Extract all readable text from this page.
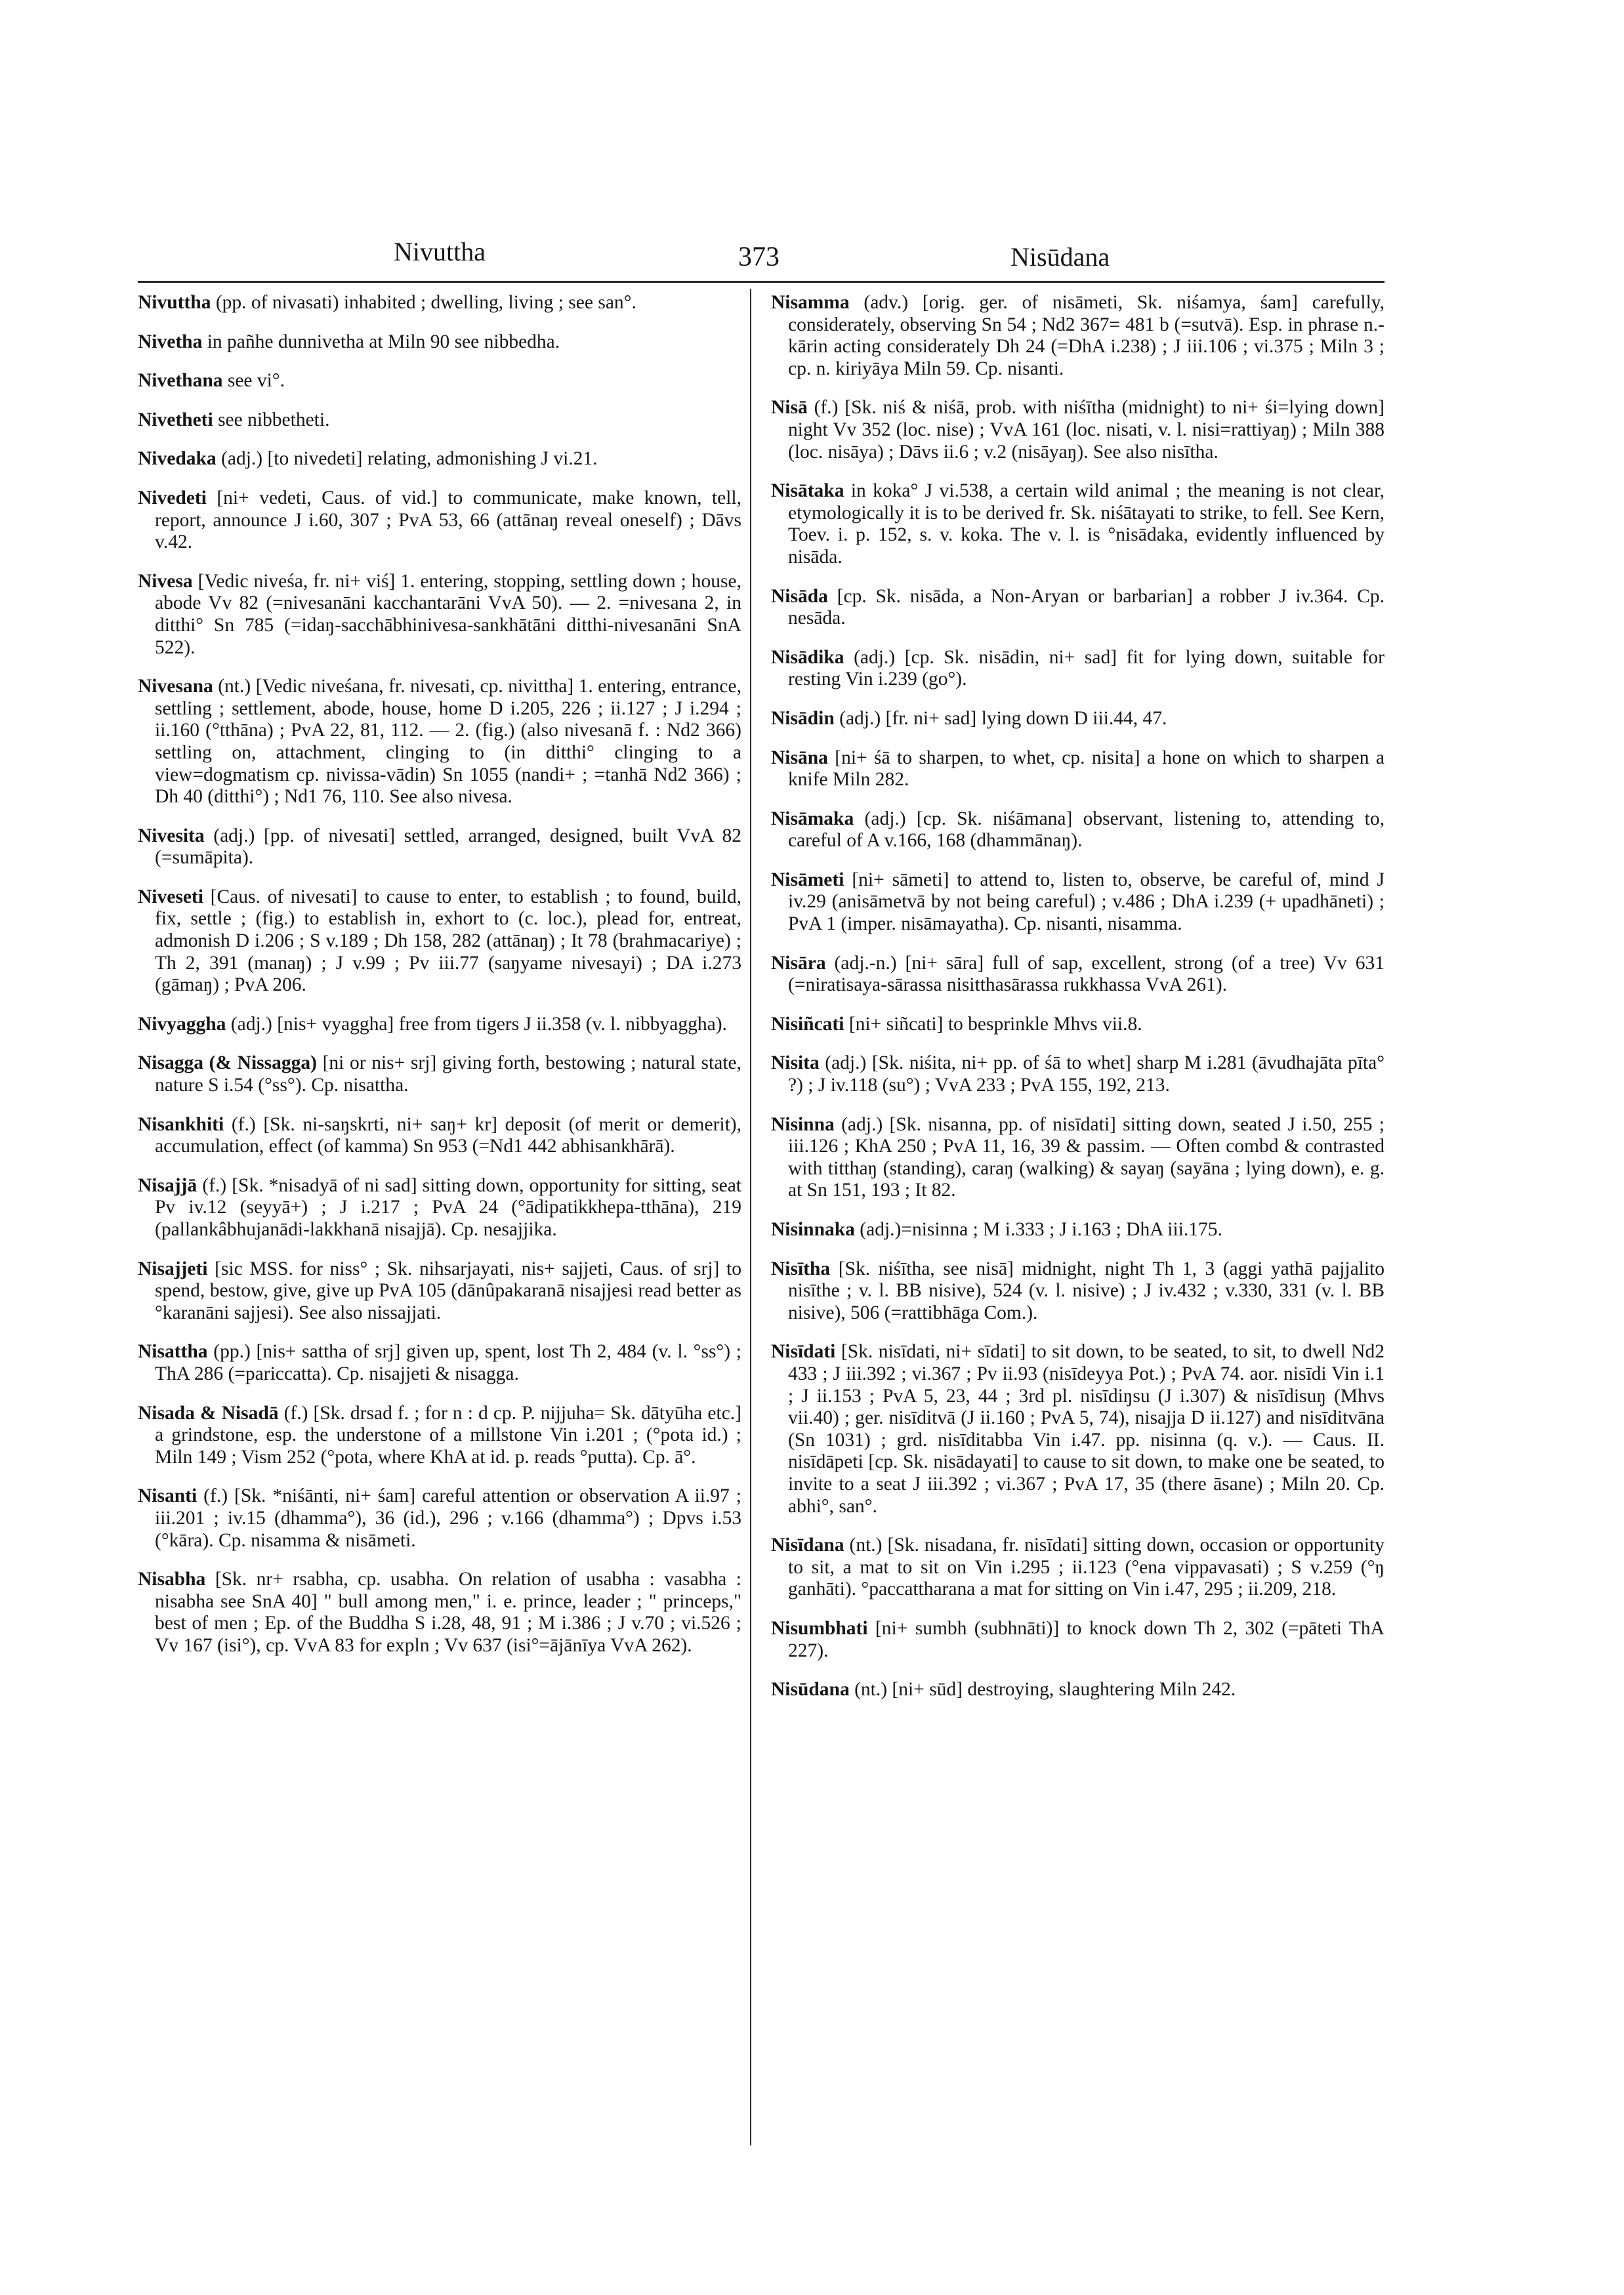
Nivuttha	373	Nisūdana

Nivuttha (pp. of nivasati) inhabited ; dwelling, living ; see san°.

Nivetha in pañhe dunnivetha at Miln 90 see nibbedha.

Nivethana see vi°.

Nivetheti see nibbetheti.

Nivedaka (adj.) [to nivedeti] relating, admonishing J vi.21.

Nivedeti [ni+ vedeti, Caus. of vid.] to communicate, make known, tell, report, announce J i.60, 307 ; PvA 53, 66 (attānaŋ reveal oneself) ; Dāvs v.42.

Nivesa [Vedic niveśa, fr. ni+ viś] 1. entering, stopping, settling down ; house, abode Vv 82 (=nivesanāni kacchantarāni VvA 50). — 2. =nivesana 2, in ditthi° Sn 785 (=idaŋ-sacchābhinivesa-sankhātāni ditthi-nivesanāni SnA 522).

Nivesana (nt.) [Vedic niveśana, fr. nivesati, cp. nivittha] 1. entering, entrance, settling ; settlement, abode, house, home D i.205, 226 ; ii.127 ; J i.294 ; ii.160 (°tthāna) ; PvA 22, 81, 112. — 2. (fig.) (also nivesanā f. : Nd2 366) settling on, attachment, clinging to (in ditthi° clinging to a view=dogmatism cp. nivissa-vādin) Sn 1055 (nandi+ ; =tanhā Nd2 366) ; Dh 40 (ditthi°) ; Nd1 76, 110. See also nivesa.

Nivesita (adj.) [pp. of nivesati] settled, arranged, designed, built VvA 82 (=sumāpita).

Niveseti [Caus. of nivesati] to cause to enter, to establish ; to found, build, fix, settle ; (fig.) to establish in, exhort to (c. loc.), plead for, entreat, admonish D i.206 ; S v.189 ; Dh 158, 282 (attānaŋ) ; It 78 (brahmacariye) ; Th 2, 391 (manaŋ) ; J v.99 ; Pv iii.77 (saŋyame nivesayi) ; DA i.273 (gāmaŋ) ; PvA 206.

Nivyaggha (adj.) [nis+ vyaggha] free from tigers J ii.358 (v. l. nibbyaggha).

Nisagga (& Nissagga) [ni or nis+ srj] giving forth, bestowing ; natural state, nature S i.54 (°ss°). Cp. nisattha.

Nisankhiti (f.) [Sk. ni-saŋskrti, ni+ saŋ+ kr] deposit (of merit or demerit), accumulation, effect (of kamma) Sn 953 (=Nd1 442 abhisankhārā).

Nisajjā (f.) [Sk. *nisadyā of ni sad] sitting down, opportunity for sitting, seat Pv iv.12 (seyyā+) ; J i.217 ; PvA 24 (°ādipatikkhepa-tthāna), 219 (pallankâbhujanādi-lakkhanā nisajjā). Cp. nesajjika.

Nisajjeti [sic MSS. for niss° ; Sk. nihsarjayati, nis+ sajjeti, Caus. of srj] to spend, bestow, give, give up PvA 105 (dānûpakaranā nisajjesi read better as °karanāni sajjesi). See also nissajjati.

Nisattha (pp.) [nis+ sattha of srj] given up, spent, lost Th 2, 484 (v. l. °ss°) ; ThA 286 (=pariccatta). Cp. nisajjeti & nisagga.

Nisada & Nisadā (f.) [Sk. drsad f. ; for n : d cp. P. nijjuha= Sk. dātyūha etc.] a grindstone, esp. the understone of a millstone Vin i.201 ; (°pota id.) ; Miln 149 ; Vism 252 (°pota, where KhA at id. p. reads °putta). Cp. ā°.

Nisanti (f.) [Sk. *niśānti, ni+ śam] careful attention or observation A ii.97 ; iii.201 ; iv.15 (dhamma°), 36 (id.), 296 ; v.166 (dhamma°) ; Dpvs i.53 (°kāra). Cp. nisamma & nisāmeti.

Nisabha [Sk. nr+ rsabha, cp. usabha. On relation of usabha : vasabha : nisabha see SnA 40] " bull among men," i. e. prince, leader ; " princeps," best of men ; Ep. of the Buddha S i.28, 48, 91 ; M i.386 ; J v.70 ; vi.526 ; Vv 167 (isi°), cp. VvA 83 for expln ; Vv 637 (isi°=ājānīya VvA 262).

Nisamma (adv.) [orig. ger. of nisāmeti, Sk. niśamya, śam] carefully, considerately, observing Sn 54 ; Nd2 367= 481 b (=sutvā). Esp. in phrase n.-kārin acting considerately Dh 24 (=DhA i.238) ; J iii.106 ; vi.375 ; Miln 3 ; cp. n. kiriyāya Miln 59. Cp. nisanti.

Nisā (f.) [Sk. niś & niśā, prob. with niśītha (midnight) to ni+ śi=lying down] night Vv 352 (loc. nise) ; VvA 161 (loc. nisati, v. l. nisi=rattiyaŋ) ; Miln 388 (loc. nisāya) ; Dāvs ii.6 ; v.2 (nisāyaŋ). See also nisītha.

Nisātaka in koka° J vi.538, a certain wild animal ; the meaning is not clear, etymologically it is to be derived fr. Sk. niśātayati to strike, to fell. See Kern, Toev. i. p. 152, s. v. koka. The v. l. is °nisādaka, evidently influenced by nisāda.

Nisāda [cp. Sk. nisāda, a Non-Aryan or barbarian] a robber J iv.364. Cp. nesāda.

Nisādika (adj.) [cp. Sk. nisādin, ni+ sad] fit for lying down, suitable for resting Vin i.239 (go°).

Nisādin (adj.) [fr. ni+ sad] lying down D iii.44, 47.

Nisāna [ni+ śā to sharpen, to whet, cp. nisita] a hone on which to sharpen a knife Miln 282.

Nisāmaka (adj.) [cp. Sk. niśāmana] observant, listening to, attending to, careful of A v.166, 168 (dhammānaŋ).

Nisāmeti [ni+ sāmeti] to attend to, listen to, observe, be careful of, mind J iv.29 (anisāmetvā by not being careful) ; v.486 ; DhA i.239 (+ upadhāneti) ; PvA 1 (imper. nisāmayatha). Cp. nisanti, nisamma.

Nisāra (adj.-n.) [ni+ sāra] full of sap, excellent, strong (of a tree) Vv 631 (=niratisaya-sārassa nisitthasārassa rukkhassa VvA 261).

Nisiñcati [ni+ siñcati] to besprinkle Mhvs vii.8.

Nisita (adj.) [Sk. niśita, ni+ pp. of śā to whet] sharp M i.281 (āvudhajāta pīta° ?) ; J iv.118 (su°) ; VvA 233 ; PvA 155, 192, 213.

Nisinna (adj.) [Sk. nisanna, pp. of nisīdati] sitting down, seated J i.50, 255 ; iii.126 ; KhA 250 ; PvA 11, 16, 39 & passim. — Often combd & contrasted with titthaŋ (standing), caraŋ (walking) & sayaŋ (sayāna ; lying down), e. g. at Sn 151, 193 ; It 82.

Nisinnaka (adj.)=nisinna ; M i.333 ; J i.163 ; DhA iii.175.

Nisītha [Sk. niśītha, see nisā] midnight, night Th 1, 3 (aggi yathā pajjalito nisīthe ; v. l. BB nisive), 524 (v. l. nisive) ; J iv.432 ; v.330, 331 (v. l. BB nisive), 506 (=rattibhāga Com.).

Nisīdati [Sk. nisīdati, ni+ sīdati] to sit down, to be seated, to sit, to dwell Nd2 433 ; J iii.392 ; vi.367 ; Pv ii.93 (nisīdeyya Pot.) ; PvA 74. aor. nisīdi Vin i.1 ; J ii.153 ; PvA 5, 23, 44 ; 3rd pl. nisīdiŋsu (J i.307) & nisīdisuŋ (Mhvs vii.40) ; ger. nisīditvā (J ii.160 ; PvA 5, 74), nisajja D ii.127) and nisīditvāna (Sn 1031) ; grd. nisīditabba Vin i.47. pp. nisinna (q. v.). — Caus. II. nisīdāpeti [cp. Sk. nisādayati] to cause to sit down, to make one be seated, to invite to a seat J iii.392 ; vi.367 ; PvA 17, 35 (there āsane) ; Miln 20. Cp. abhi°, san°.

Nisīdana (nt.) [Sk. nisadana, fr. nisīdati] sitting down, occasion or opportunity to sit, a mat to sit on Vin i.295 ; ii.123 (°ena vippavasati) ; S v.259 (°ŋ ganhāti). °paccattharana a mat for sitting on Vin i.47, 295 ; ii.209, 218.

Nisumbhati [ni+ sumbh (subhnāti)] to knock down Th 2, 302 (=pāteti ThA 227).

Nisūdana (nt.) [ni+ sūd] destroying, slaughtering Miln 242.
